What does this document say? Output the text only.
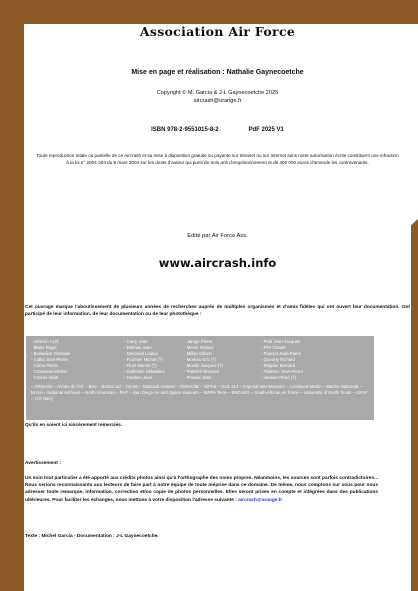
Association Air Force
Mise en page et réalisation : Nathalie Gaynecoetche
Copyright © M. Garcia & J-L Gaynecoetche 2025
aircrash@orange.fr
ISBN 978-2-9551015-8-2	PdF 2025 V1
Toute reproduction totale ou partielle de ce Aircrash et sa mise à disposition gratuite ou payante sur Intranet ou sur Internet sans notre autorisation écrite constituent une infraction à la loi n° 2004-204 du 9 mars 2004 sur les droits d'auteur qui punit de trois ans d'emprisonnement et de 300 000 euros d'amende les contrevenants.
Edité par Air Force Ass.
www.aircrash.info
Cet ouvrage marque l'aboutissement de plusieurs années de recherches auprès de multiples organismes et d'amis fidèles qui ont ouvert leur documentation. Ont participé de leur information, de leur documentation ou de leur photothèque :
- Aviseno Cyril	- Curry Jean	- Jarrige Pierre	- Petit Jean-Jacques
- Blaux Régis	- Delmas Jean	- Merrié Roland	- Plet Claude
- Bosselion Christian	- Decourel Loulou	- Millau Gilbert	- Poinsot Jean-Pierre
- Calka Jean-Pierre	- Fournier Michel (†)	- Moreau Eric (†)	- Queurty Richard
- Comu Pierre	- Fluet Marcel (†)	- Moulin Jacques (†)	- Régnier Bernard
- Croisseau Michel	- Guillemin Sébastien	- Palmièri Bernard	- Tedesco Jean-Pierre
- Crozier Alain	- Houben Jean	- Peraud Jean	- Vannier René (†)
– ARDHAN – Armée de l'Air – BAe – Bristol Ltd – CEAM – Dassault Aviation – EMAA/3B – GIPAS – GLE 314 – Imperial War Museum – Lockheed-Martin – Marine Nationale – NASA – National Archives – North American – RAF – San Diego Air and Space Museum – SIRPA Terre – SNCASO – South-African Air Force – University of North Texas – USAF – U.S Navy
Qu'ils en soient ici sincèrement remerciés.
Avertissement :
Un soin tout particulier a été apporté aux crédits photos ainsi qu'à l'orthographe des noms propres. Néanmoins, les sources sont parfois contradictoires... Nous serions reconnaissants aux lecteurs de faire part à notre équipe de toute méprise dans ce domaine. De même, nous comptons sur vous pour nous adresser toute remarque, information, correction et/ou copie de photos personnelles. Elles seront prises en compte et intégrées dans des publications ultérieures. Pour faciliter les échanges, nous mettons à votre disposition l'adresse suivante : aircrash@orange.fr
Texte : Michel Garcia - Documentation : J-L Gaynecoetche.
